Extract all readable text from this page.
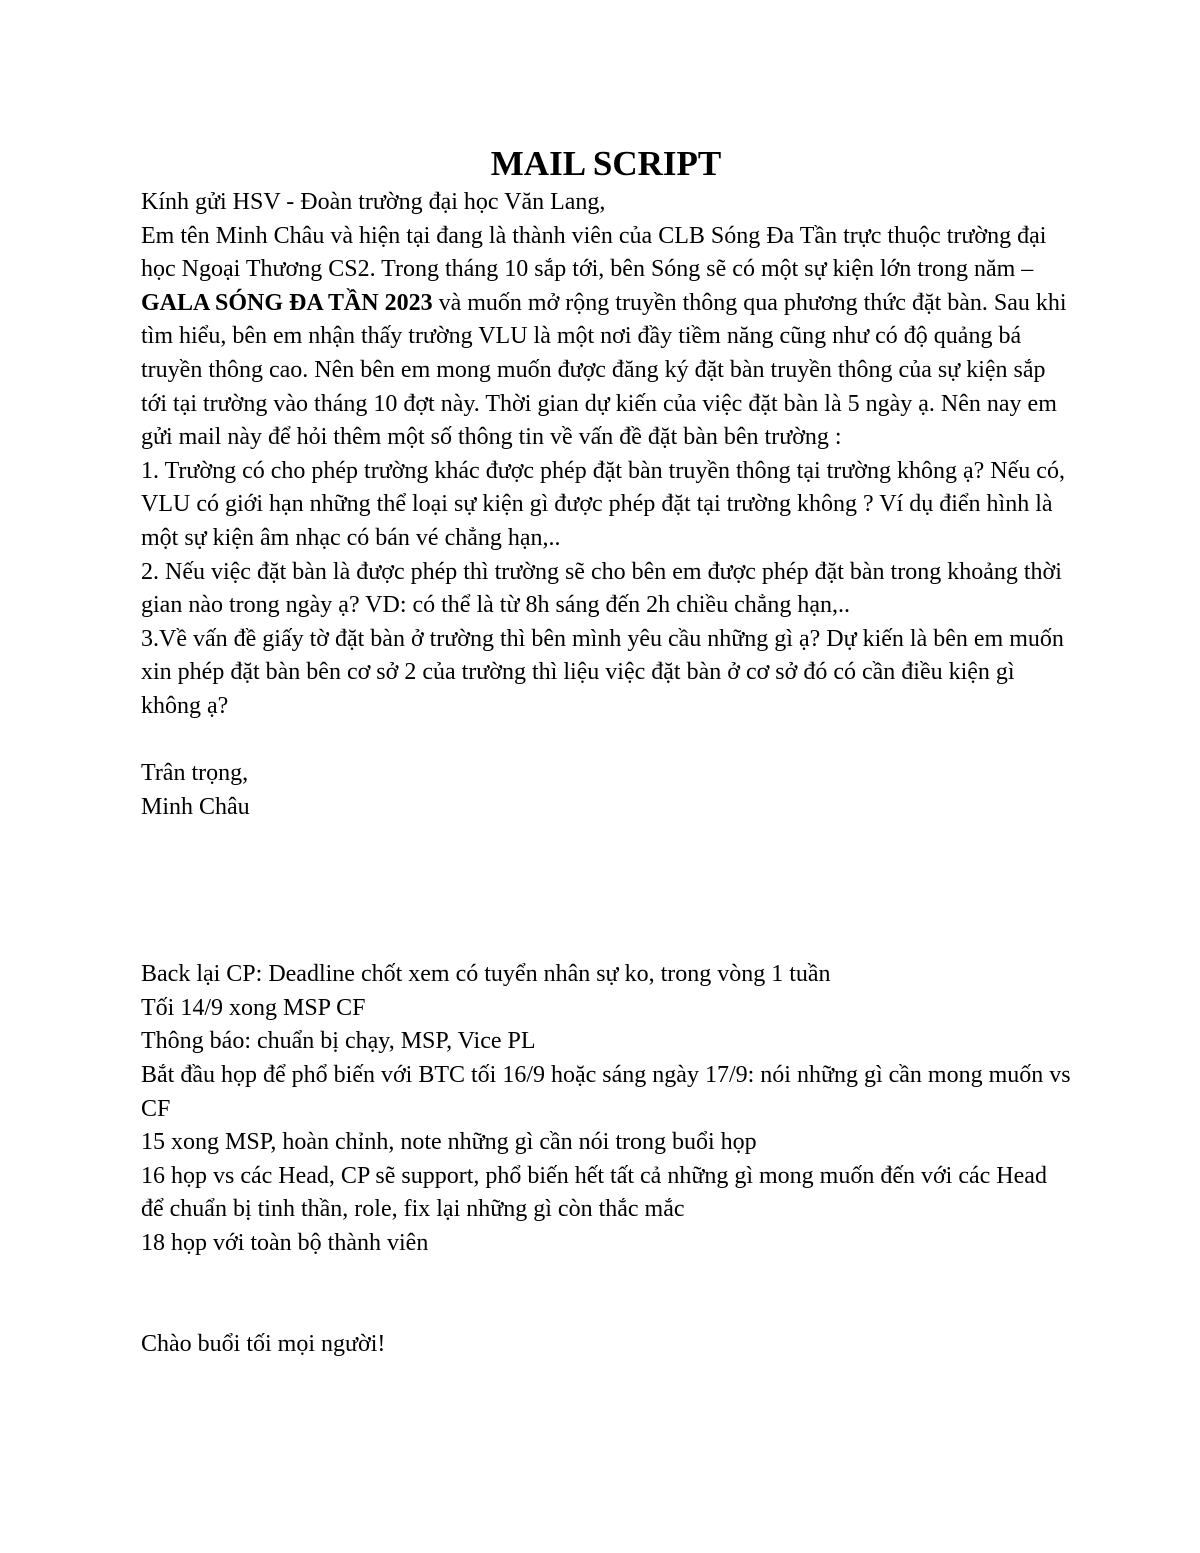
MAIL SCRIPT

Kính gửi HSV - Đoàn trường đại học Văn Lang,

Em tên Minh Châu và hiện tại đang là thành viên của CLB Sóng Đa Tần trực thuộc trường đại học Ngoại Thương CS2. Trong tháng 10 sắp tới, bên Sóng sẽ có một sự kiện lớn trong năm – GALA SÓNG ĐA TẦN 2023 và muốn mở rộng truyền thông qua phương thức đặt bàn. Sau khi tìm hiểu, bên em nhận thấy trường VLU là một nơi đầy tiềm năng cũng như có độ quảng bá truyền thông cao. Nên bên em mong muốn được đăng ký đặt bàn truyền thông của sự kiện sắp tới tại trường vào tháng 10 đợt này. Thời gian dự kiến của việc đặt bàn là 5 ngày ạ. Nên nay em gửi mail này để hỏi thêm một số thông tin về vấn đề đặt bàn bên trường :

1. Trường có cho phép trường khác được phép đặt bàn truyền thông tại trường không ạ? Nếu có, VLU có giới hạn những thể loại sự kiện gì được phép đặt tại trường không ? Ví dụ điển hình là một sự kiện âm nhạc có bán vé chẳng hạn,..

2. Nếu việc đặt bàn là được phép thì trường sẽ cho bên em được phép đặt bàn trong khoảng thời gian nào trong ngày ạ? VD: có thể là từ 8h sáng đến 2h chiều chẳng hạn,..

3.Về vấn đề giấy tờ đặt bàn ở trường thì bên mình yêu cầu những gì ạ? Dự kiến là bên em muốn xin phép đặt bàn bên cơ sở 2 của trường thì liệu việc đặt bàn ở cơ sở đó có cần điều kiện gì không ạ?

Trân trọng,

Minh Châu

Back lại CP: Deadline chốt xem có tuyển nhân sự ko, trong vòng 1 tuần

Tối 14/9 xong MSP CF

Thông báo: chuẩn bị chạy, MSP, Vice PL

Bắt đầu họp để phổ biến với BTC tối 16/9 hoặc sáng ngày 17/9: nói những gì cần mong muốn vs CF

15 xong MSP, hoàn chỉnh, note những gì cần nói trong buổi họp

16 họp vs các Head, CP sẽ support, phổ biến hết tất cả những gì mong muốn đến với các Head để chuẩn bị tinh thần, role, fix lại những gì còn thắc mắc

18 họp với toàn bộ thành viên

Chào buổi tối mọi người!
